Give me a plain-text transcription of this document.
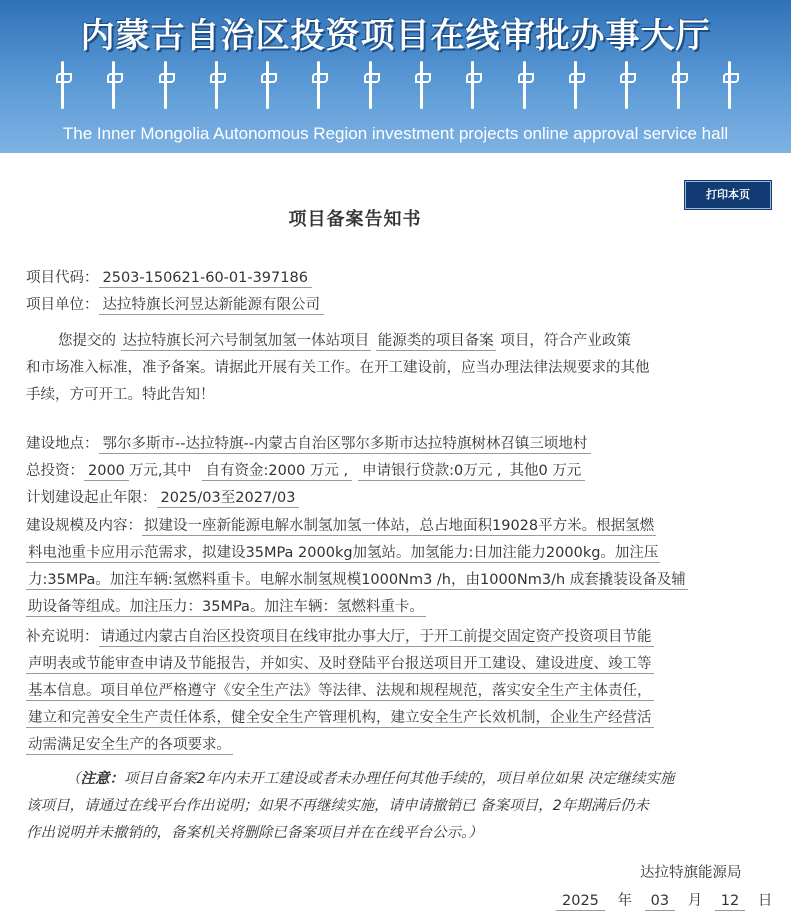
内蒙古自治区投资项目在线审批办事大厅
The Inner Mongolia Autonomous Region investment projects online approval service hall
打印本页
项目备案告知书
项目代码： 2503-150621-60-01-397186
项目单位： 达拉特旗长河昱达新能源有限公司
您提交的 达拉特旗长河六号制氢加氢一体站项目 能源类的项目备案 项目，符合产业政策
和市场准入标准，准予备案。请据此开展有关工作。在开工建设前，应当办理法律法规要求的其他
手续，方可开工。特此告知！
建设地点： 鄂尔多斯市--达拉特旗--内蒙古自治区鄂尔多斯市达拉特旗树林召镇三顷地村
总投资： 2000 万元,其中 自有资金:2000 万元 , 申请银行贷款:0万元 , 其他0 万元
计划建设起止年限： 2025/03至2027/03
建设规模及内容： 拟建设一座新能源电解水制氢加氢一体站，总占地面积19028平方米。根据氢燃
料电池重卡应用示范需求，拟建设35MPa 2000kg加氢站。加氢能力:日加注能力2000kg。加注压
力:35MPa。加注车辆:氢燃料重卡。电解水制氢规模1000Nm3 /h，由1000Nm3/h 成套撬装设备及辅
助设备等组成。加注压力：35MPa。加注车辆：氢燃料重卡。
补充说明： 请通过内蒙古自治区投资项目在线审批办事大厅，于开工前提交固定资产投资项目节能
声明表或节能审查申请及节能报告，并如实、及时登陆平台报送项目开工建设、建设进度、竣工等
基本信息。项目单位严格遵守《安全生产法》等法律、法规和规程规范，落实安全生产主体责任，
建立和完善安全生产责任体系，健全安全生产管理机构，建立安全生产长效机制，企业生产经营活
动需满足安全生产的各项要求。
（注意：项目自备案2年内未开工建设或者未办理任何其他手续的，项目单位如果 决定继续实施
该项目，请通过在线平台作出说明；如果不再继续实施，请申请撤销已 备案项目，2年期满后仍未
作出说明并未撤销的，备案机关将删除已备案项目并在在线平台公示。）
达拉特旗能源局
2025 年 03 月 12 日
